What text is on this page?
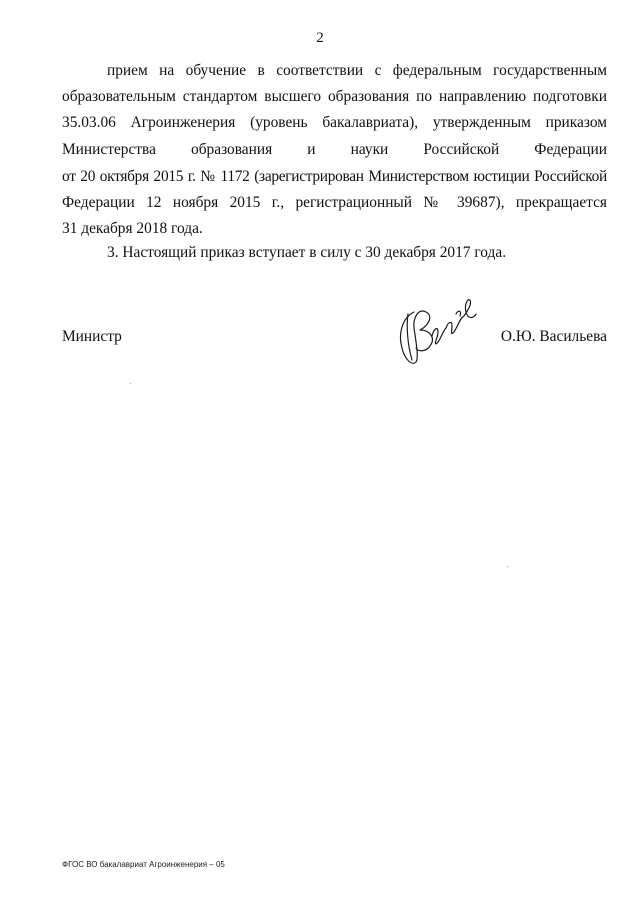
2
прием на обучение в соответствии с федеральным государственным
образовательным стандартом высшего образования по направлению подготовки
35.03.06 Агроинженерия (уровень бакалавриата), утвержденным приказом
Министерства образования и науки Российской Федерации
от 20 октября 2015 г. № 1172 (зарегистрирован Министерством юстиции Российской
Федерации 12 ноября 2015 г., регистрационный № 39687), прекращается
31 декабря 2018 года.
3. Настоящий приказ вступает в силу с 30 декабря 2017 года.
Министр	О.Ю. Васильева
ФГОС ВО бакалавриат Агроинженерия – 05
